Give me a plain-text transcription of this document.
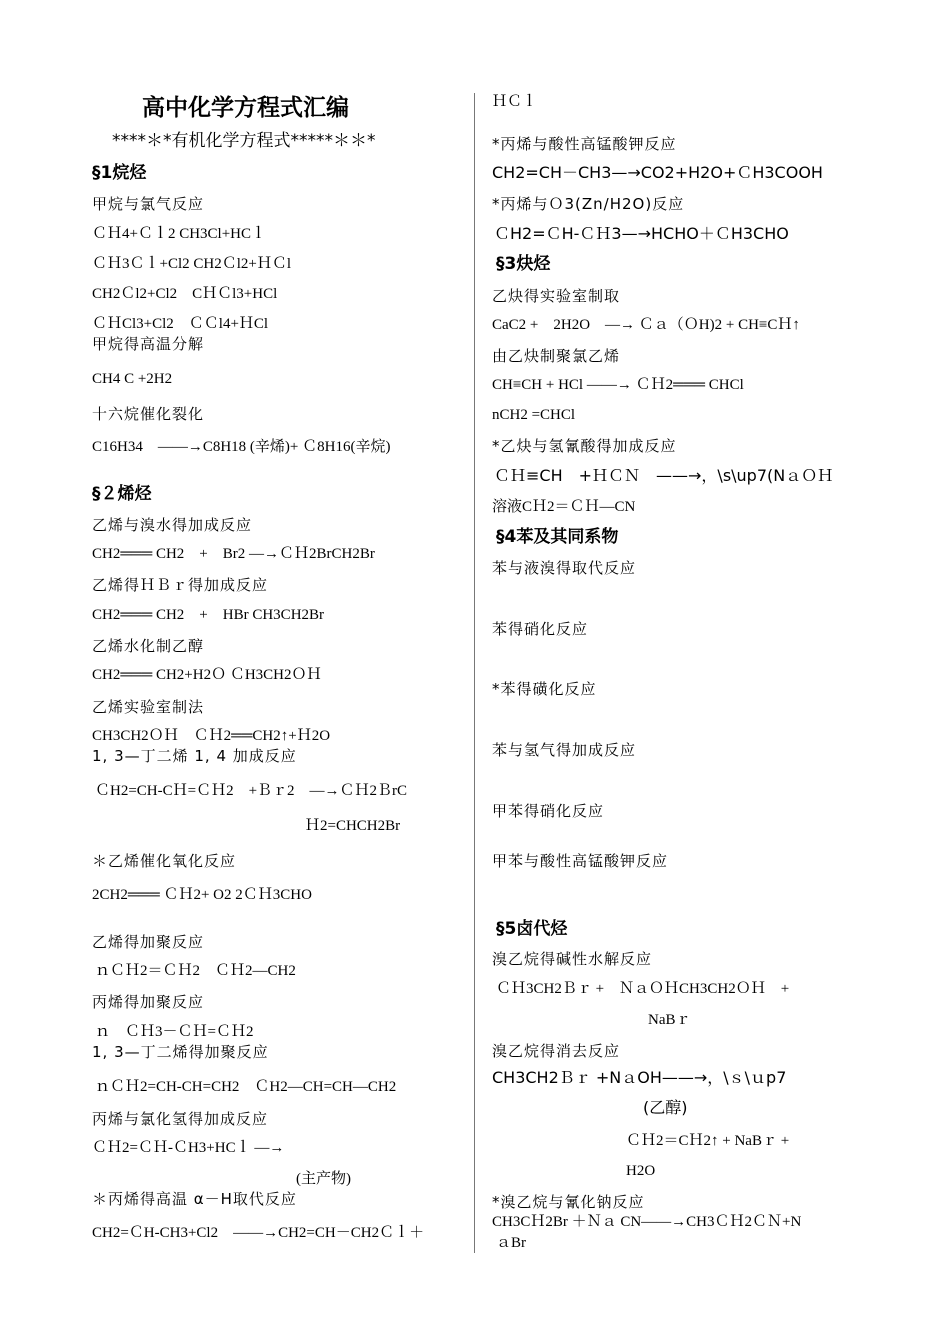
高中化学方程式汇编
****＊*有机化学方程式*****＊＊*
§1烷烃
甲烷与氯气反应
ＣＨ4+Ｃｌ2 CH3Cl+HCｌ
ＣＨ3Ｃｌ+Cl2 CH2Ｃl2+ＨＣl
CH2Ｃl2+Cl2　CＨＣl3+HCl
ＣＨCl3+Cl2　ＣＣl4+ＨCl
甲烷得高温分解
CH4 C +2H2
十六烷催化裂化
C16H34　——→C8H18 (辛烯)+ Ｃ8H16(辛烷)
§２烯烃
乙烯与溴水得加成反应
CH2═══ CH2　+　Br2 —→ＣＨ2BrCH2Br
乙烯得ＨＢｒ得加成反应
CH2═══ CH2　+　HBr CH3CH2Br
乙烯水化制乙醇
CH2═══ CH2+H2Ｏ ＣH3CH2ＯＨ
乙烯实验室制法
CH3CH2ＯＨ　ＣＨ2══CH2↑+Ｈ2O
1, 3—丁二烯 1, 4 加成反应
ＣH2=CH-CＨ=ＣＨ2　+Ｂｒ2　—→ＣＨ2ＢrC
Ｈ2=CHCH2Br
＊乙烯催化氧化反应
2CH2═══ ＣＨ2+ O2 2ＣＨ3CHO
乙烯得加聚反应
ｎＣＨ2＝ＣＨ2　ＣＨ2—CH2
丙烯得加聚反应
ｎ　ＣＨ3－ＣＨ=ＣＨ2
1, 3—丁二烯得加聚反应
ｎＣＨ2=CH-CH=CH2　ＣH2—CH=CH—CH2
丙烯与氯化氢得加成反应
ＣＨ2=ＣＨ-ＣH3+HCｌ —→
(主产物)
＊丙烯得高温 α－H取代反应
CH2=ＣH-CH3+Cl2　——→CH2=CH－CH2Ｃｌ＋
ＨＣｌ
*丙烯与酸性高锰酸钾反应
CH2=CH－CH3—→CO2+H2O+ＣH3COOH
*丙烯与Ｏ3(Zn/H2O)反应
ＣH2=ＣH-ＣＨ3—→HCHO＋ＣH3CHO
§3炔烃
乙炔得实验室制取
CaC2 +　2H2O　—→ Ｃａ（ＯH)2 + CH≡CＨ↑
由乙炔制聚氯乙烯
CH≡CH + HCl ——→ ＣＨ2═══ CHCl
nCH2 =CHCl
*乙炔与氢氰酸得加成反应
ＣＨ≡CH　+ＨＣＮ　——→，\s\up7(NａＯＨ
溶液CＨ2＝ＣＨ—CN
§4苯及其同系物
苯与液溴得取代反应
苯得硝化反应
*苯得磺化反应
苯与氢气得加成反应
甲苯得硝化反应
甲苯与酸性高锰酸钾反应
§5卤代烃
溴乙烷得碱性水解反应
ＣＨ3CH2Ｂｒ +　ＮａＯＨCH3CH2ＯＨ　+
NaBｒ
溴乙烷得消去反应
CH3CH2Ｂｒ +NａOH——→，\ｓ\ｕp7
(乙醇)
ＣＨ2＝CＨ2↑ + NaBｒ +
H2O
*溴乙烷与氰化钠反应
CH3CＨ2Br ＋Ｎａ CN——→CH3ＣＨ2ＣＮ+N
ａBr
